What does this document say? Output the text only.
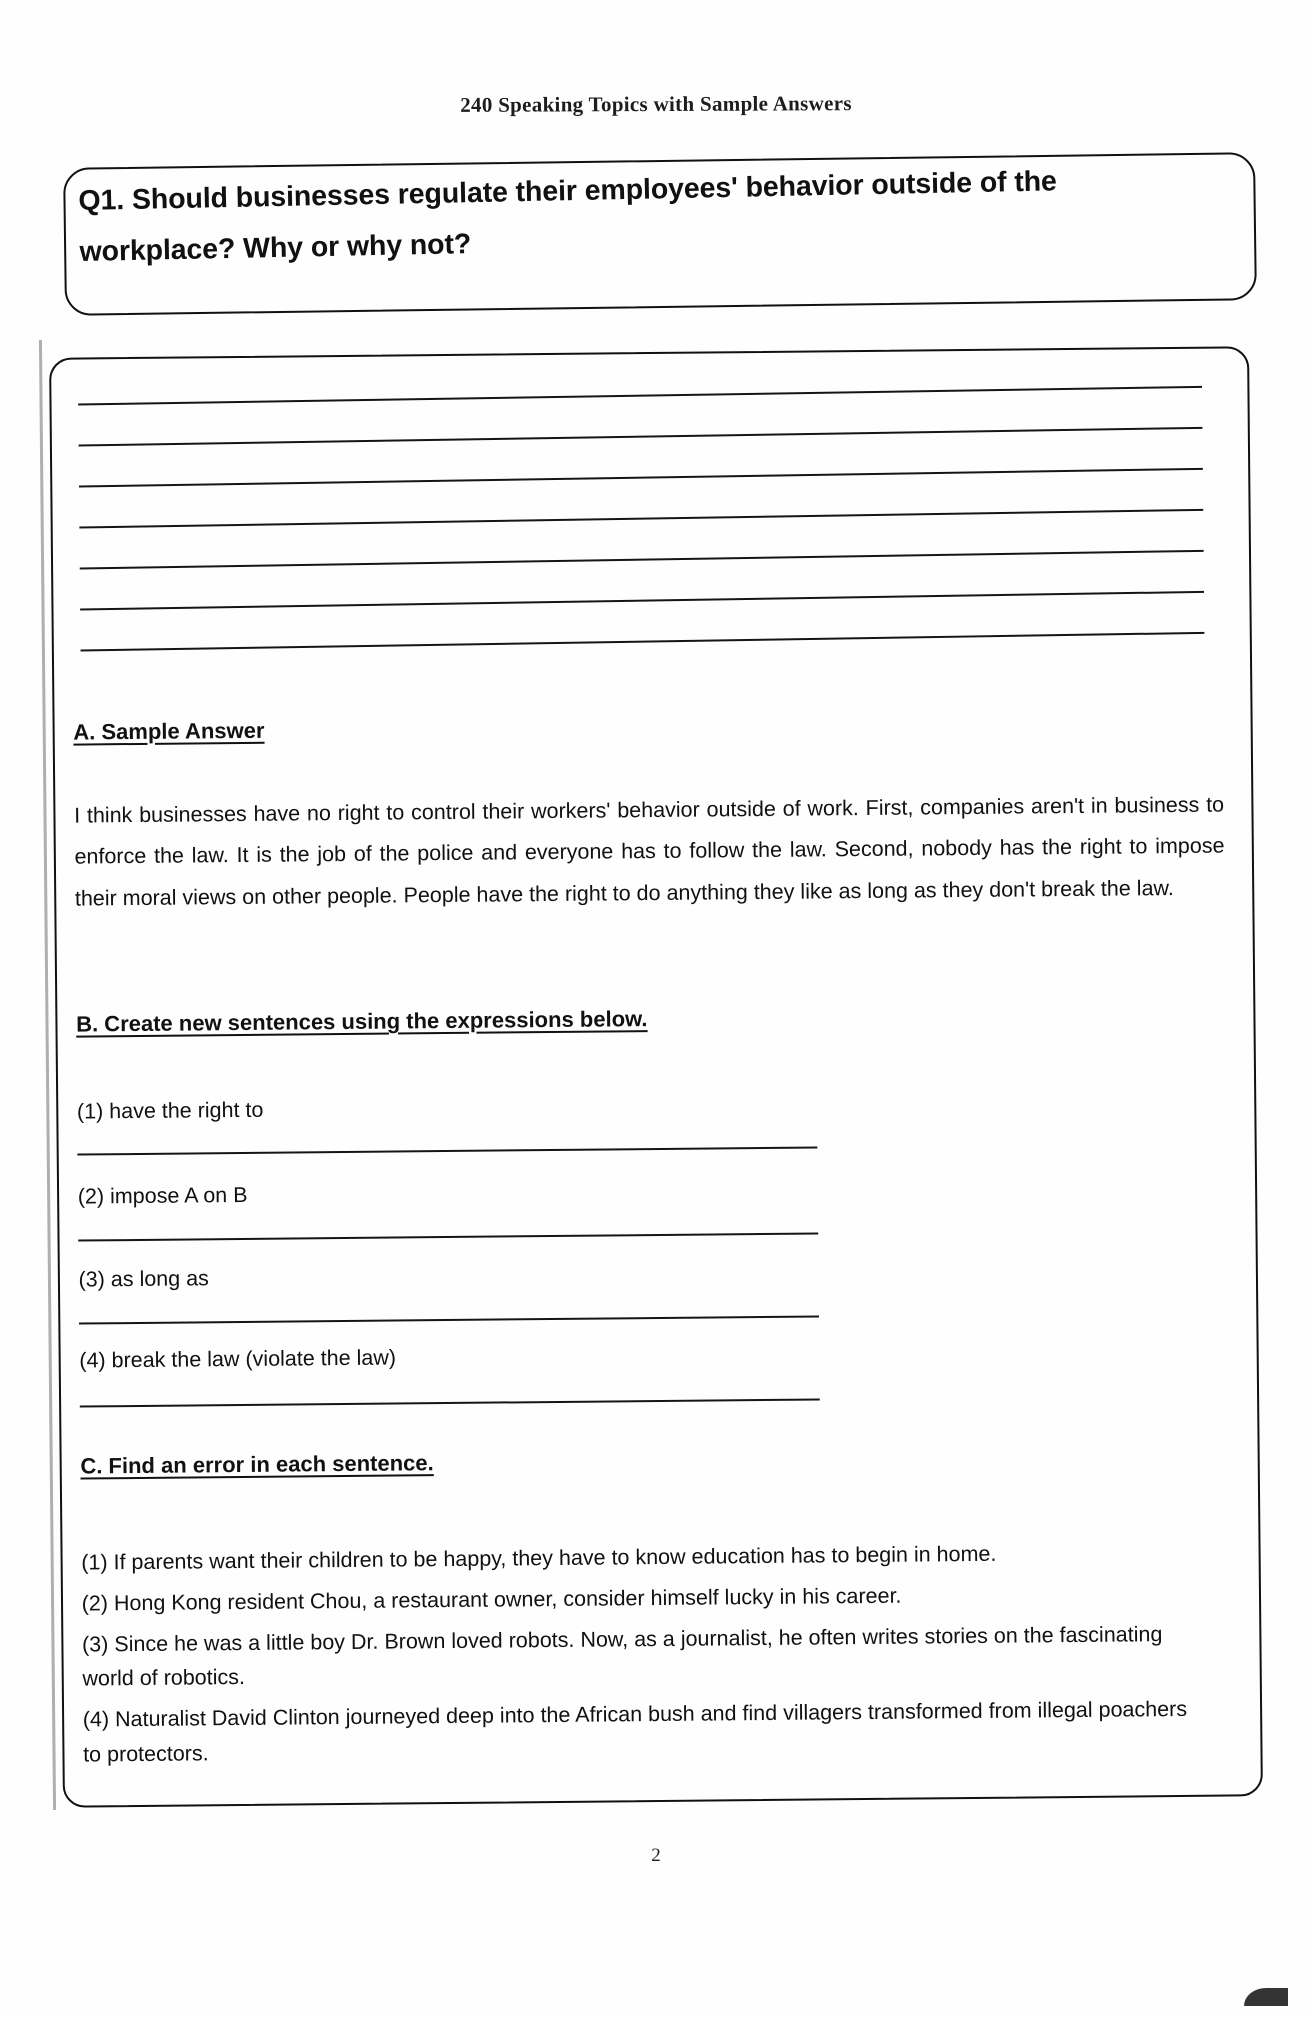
240 Speaking Topics with Sample Answers
Q1. Should businesses regulate their employees' behavior outside of the workplace? Why or why not?
A. Sample Answer
I think businesses have no right to control their workers' behavior outside of work. First, companies aren't in business to enforce the law. It is the job of the police and everyone has to follow the law. Second, nobody has the right to impose their moral views on other people. People have the right to do anything they like as long as they don't break the law.
B. Create new sentences using the expressions below.
(1) have the right to
(2) impose A on B
(3) as long as
(4) break the law (violate the law)
C. Find an error in each sentence.

(1) If parents want their children to be happy, they have to know education has to begin in home.

(2) Hong Kong resident Chou, a restaurant owner, consider himself lucky in his career.

(3) Since he was a little boy Dr. Brown loved robots. Now, as a journalist, he often writes stories on the fascinating world of robotics.

(4) Naturalist David Clinton journeyed deep into the African bush and find villagers transformed from illegal poachers to protectors.

2
